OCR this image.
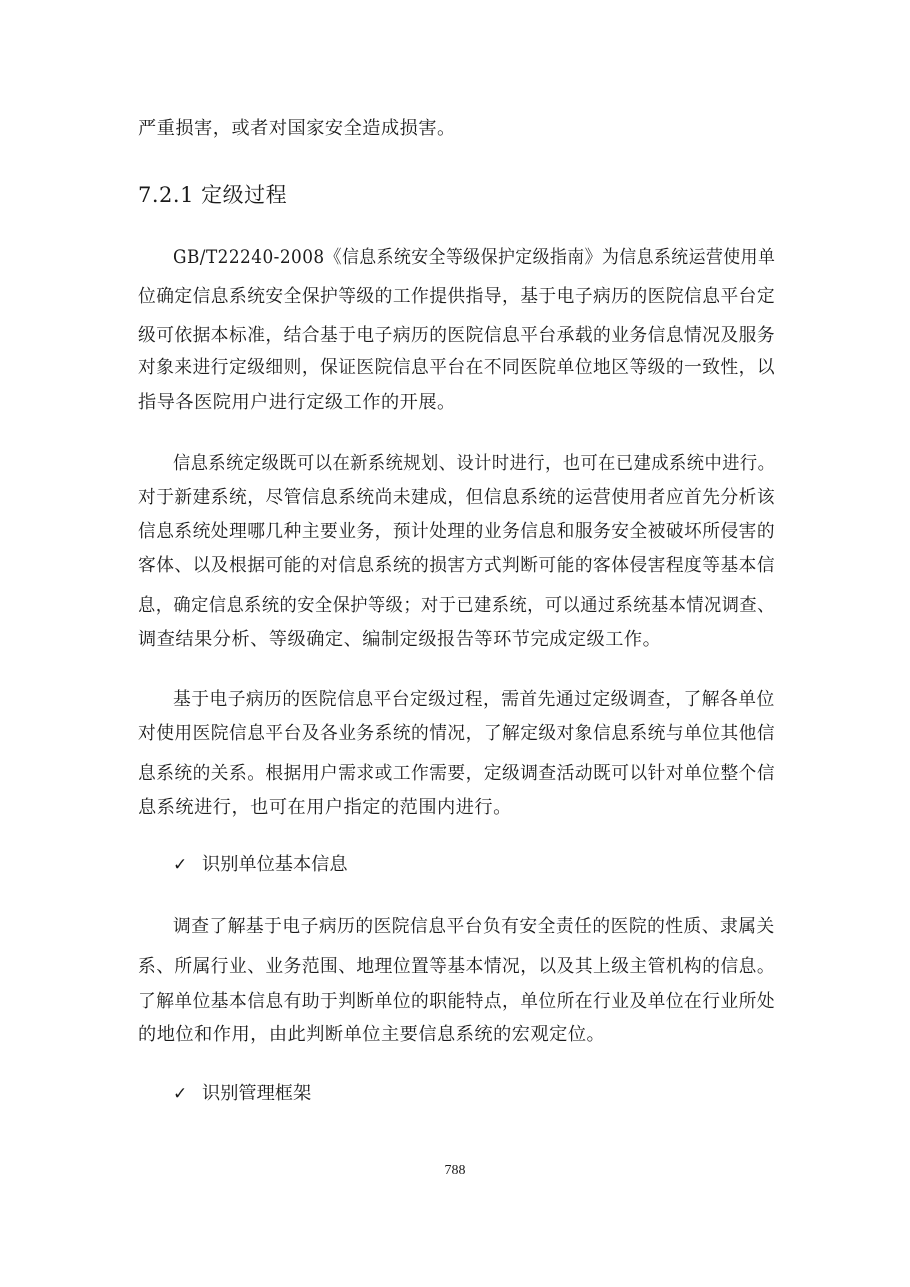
严重损害，或者对国家安全造成损害。
7.2.1 定级过程
GB/T22240-2008《信息系统安全等级保护定级指南》为信息系统运营使用单
位确定信息系统安全保护等级的工作提供指导，基于电子病历的医院信息平台定
级可依据本标准，结合基于电子病历的医院信息平台承载的业务信息情况及服务
对象来进行定级细则，保证医院信息平台在不同医院单位地区等级的一致性，以
指导各医院用户进行定级工作的开展。
信息系统定级既可以在新系统规划、设计时进行，也可在已建成系统中进行。
对于新建系统，尽管信息系统尚未建成，但信息系统的运营使用者应首先分析该
信息系统处理哪几种主要业务，预计处理的业务信息和服务安全被破坏所侵害的
客体、以及根据可能的对信息系统的损害方式判断可能的客体侵害程度等基本信
息，确定信息系统的安全保护等级；对于已建系统，可以通过系统基本情况调查、
调查结果分析、等级确定、编制定级报告等环节完成定级工作。
基于电子病历的医院信息平台定级过程，需首先通过定级调查，了解各单位
对使用医院信息平台及各业务系统的情况，了解定级对象信息系统与单位其他信
息系统的关系。根据用户需求或工作需要，定级调查活动既可以针对单位整个信
息系统进行，也可在用户指定的范围内进行。
✓ 识别单位基本信息
调查了解基于电子病历的医院信息平台负有安全责任的医院的性质、隶属关
系、所属行业、业务范围、地理位置等基本情况，以及其上级主管机构的信息。
了解单位基本信息有助于判断单位的职能特点，单位所在行业及单位在行业所处
的地位和作用，由此判断单位主要信息系统的宏观定位。
✓ 识别管理框架
788
